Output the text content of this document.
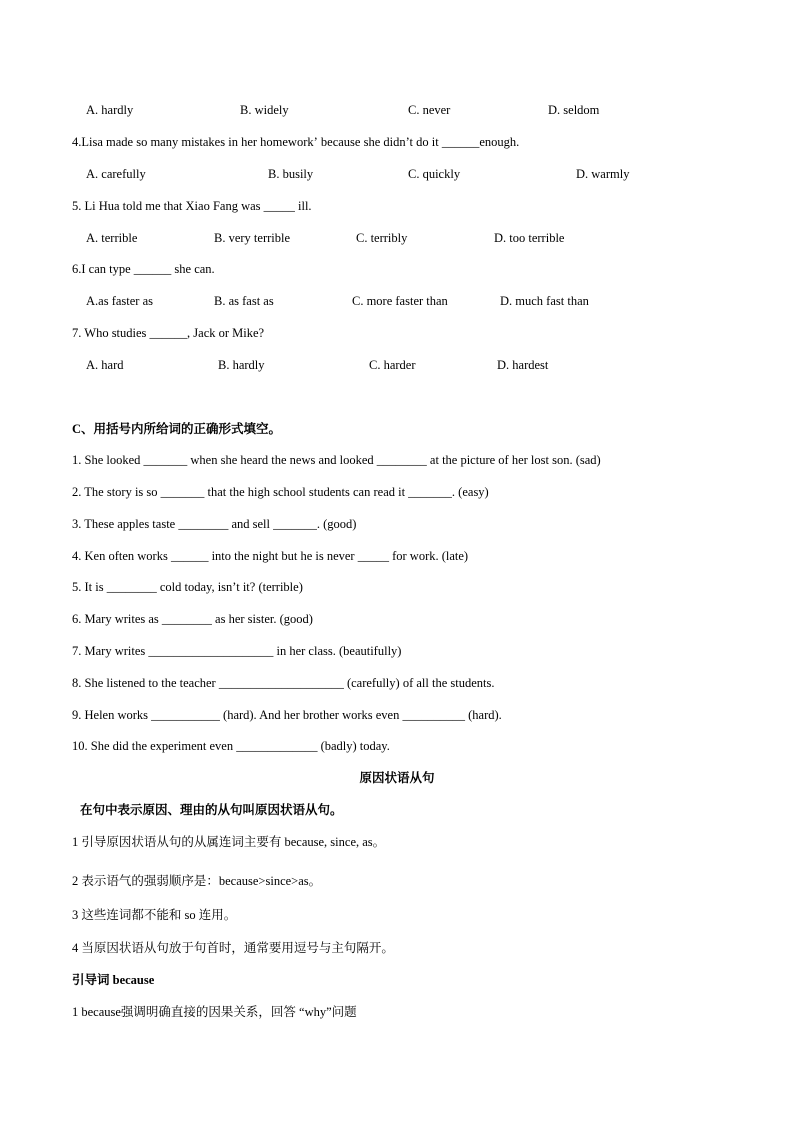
A. hardly	B. widely	C. never	D. seldom
4.Lisa made so many mistakes in her homeworkʼ because she didn’t do it ______enough.
A. carefully	B. busily	C. quickly	D. warmly
5. Li Hua told me that Xiao Fang was _____ ill.
A. terrible	B. very terrible	C. terribly	D. too terrible
6.I can type ______ she can.
A.as faster as	B. as fast as	C. more faster than	D. much fast than
7. Who studies ______, Jack or Mike?
A. hard	B. hardly	C. harder	D. hardest
C、用括号内所给词的正确形式填空。
1. She looked _______ when she heard the news and looked ________ at the picture of her lost son. (sad)
2. The story is so _______ that the high school students can read it _______. (easy)
3. These apples taste ________ and sell _______. (good)
4. Ken often works ______ into the night but he is never _____ for work. (late)
5. It is ________ cold today, isn’t it? (terrible)
6. Mary writes as ________ as her sister. (good)
7. Mary writes ____________________ in her class. (beautifully)
8. She listened to the teacher ____________________ (carefully) of all the students.
9. Helen works ___________ (hard). And her brother works even __________ (hard).
10. She did the experiment even _____________ (badly) today.
原因状语从句
在句中表示原因、理由的从句叫原因状语从句。
1 引导原因状语从句的从属连词主要有 because, since, as。
2 表示语气的强弱顺序是：because>since>as。
3 这些连词都不能和 so 连用。
4 当原因状语从句放于句首时，通常要用逗号与主句隔开。
引导词 because
1 because强调明确直接的因果关系，回答 “why”问题
